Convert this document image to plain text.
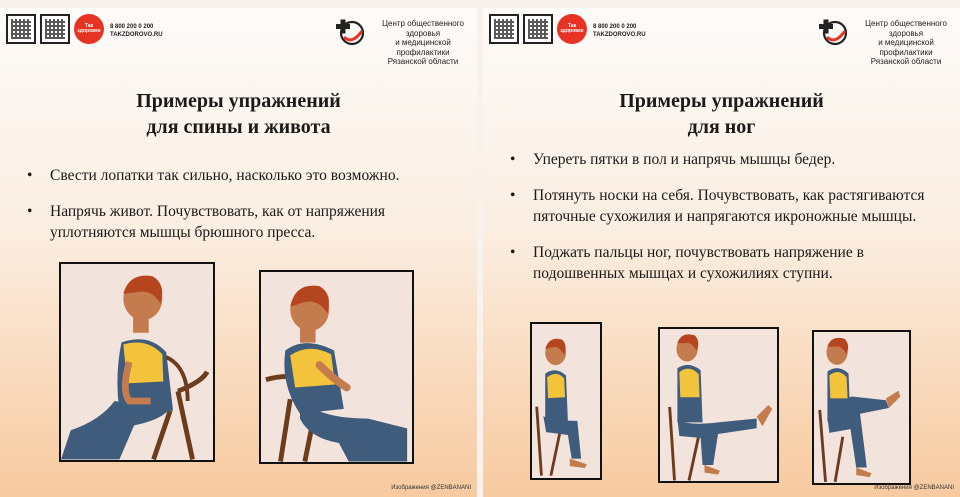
Так здоровее
8 800 200 0 200
TAKZDOROVO.RU
Центр общественного здоровья
и медицинской профилактики
Рязанской области
Примеры упражнений
для спины и живота
• Свести лопатки так сильно, насколько это возможно.
• Напрячь живот. Почувствовать, как от напряжения уплотняются мышцы брюшного пресса.
Изображения @ZENBANANI
Так здоровее
8 800 200 0 200
TAKZDOROVO.RU
Центр общественного здоровья
и медицинской профилактики
Рязанской области
Примеры упражнений
для ног
• Упереть пятки в пол и напрячь мышцы бедер.
• Потянуть носки на себя. Почувствовать, как растягиваются пяточные сухожилия и напрягаются икроножные мышцы.
• Поджать пальцы ног, почувствовать напряжение в подошвенных мышцах и сухожилиях ступни.
Изображения @ZENBANANI
